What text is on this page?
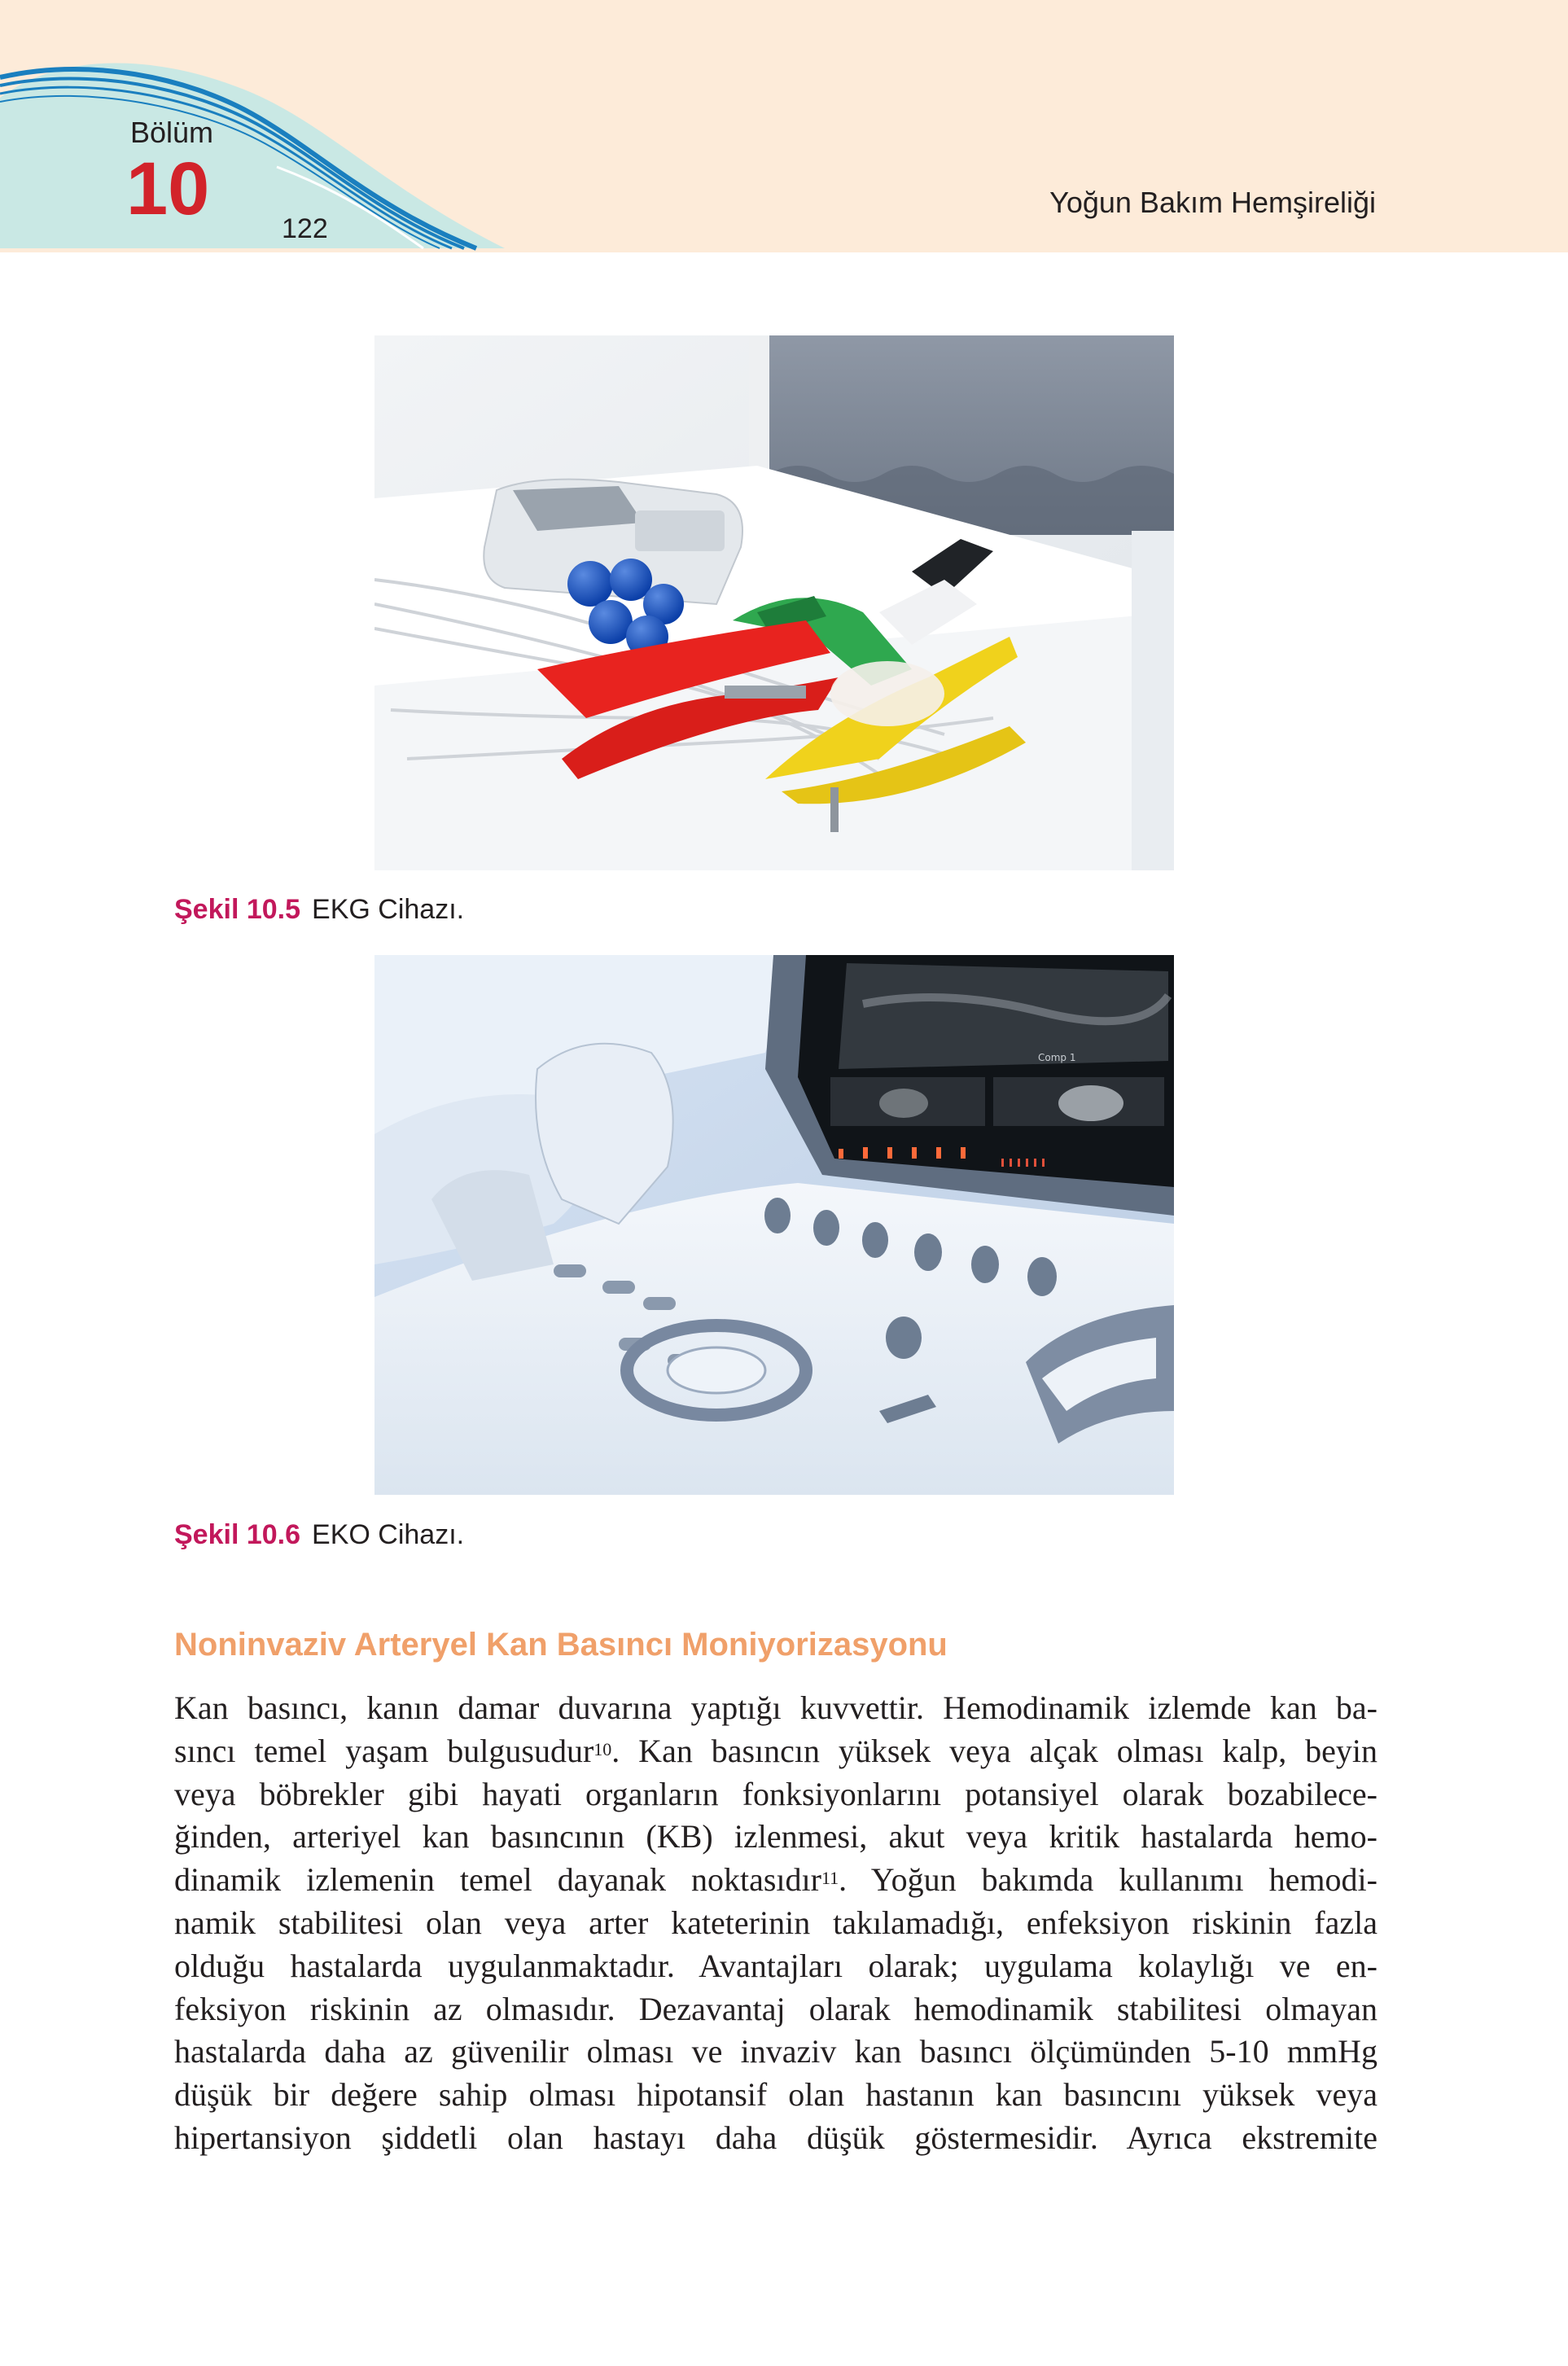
Bölüm
10	122
Yoğun Bakım Hemşireliği
Şekil 10.5 EKG Cihazı.
Comp 1
Şekil 10.6 EKO Cihazı.
Noninvaziv Arteryel Kan Basıncı Moniyorizasyonu
Kan basıncı, kanın damar duvarına yaptığı kuvvettir. Hemodinamik izlemde kan ba-
sıncı temel yaşam bulgusudur$^{10}$. Kan basıncın yüksek veya alçak olması kalp, beyin
veya böbrekler gibi hayati organların fonksiyonlarını potansiyel olarak bozabilece-
ğinden, arteriyel kan basıncının (KB) izlenmesi, akut veya kritik hastalarda hemo-
dinamik izlemenin temel dayanak noktasıdır$^{11}$. Yoğun bakımda kullanımı hemodi-
namik stabilitesi olan veya arter kateterinin takılamadığı, enfeksiyon riskinin fazla
olduğu hastalarda uygulanmaktadır. Avantajları olarak; uygulama kolaylığı ve en-
feksiyon riskinin az olmasıdır. Dezavantaj olarak hemodinamik stabilitesi olmayan
hastalarda daha az güvenilir olması ve invaziv kan basıncı ölçümünden 5-10 mmHg
düşük bir değere sahip olması hipotansif olan hastanın kan basıncını yüksek veya
hipertansiyon şiddetli olan hastayı daha düşük göstermesidir. Ayrıca ekstremite
